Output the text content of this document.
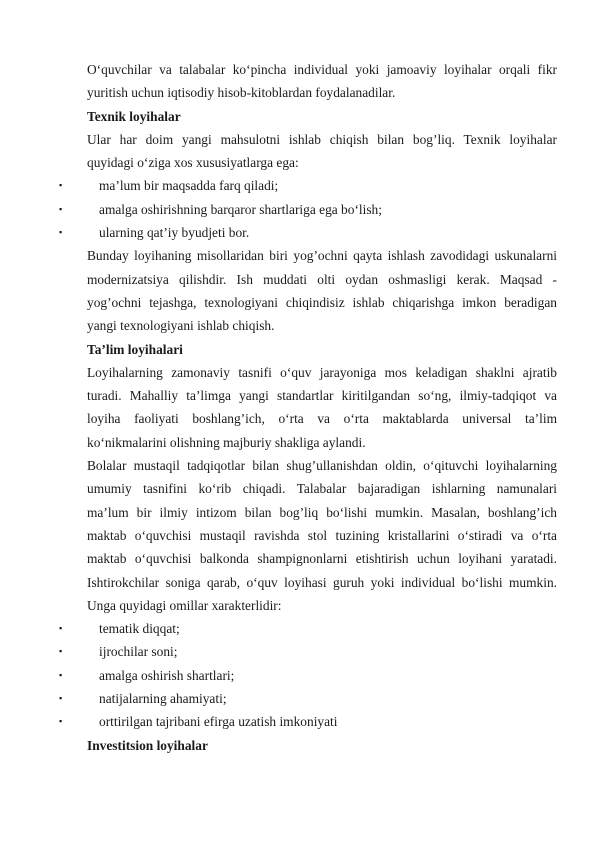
O‘quvchilar va talabalar ko‘pincha individual yoki jamoaviy loyihalar orqali fikr
yuritish uchun iqtisodiy hisob-kitoblardan foydalanadilar.
Texnik loyihalar
Ular har doim yangi mahsulotni ishlab chiqish bilan bog’liq. Texnik loyihalar
quyidagi o‘ziga xos xususiyatlarga ega:
▪	ma’lum bir maqsadda farq qiladi;
▪	amalga oshirishning barqaror shartlariga ega bo‘lish;
▪	ularning qat’iy byudjeti bor.
Bunday loyihaning misollaridan biri yog’ochni qayta ishlash zavodidagi uskunalarni
modernizatsiya qilishdir. Ish muddati olti oydan oshmasligi kerak. Maqsad -
yog’ochni tejashga, texnologiyani chiqindisiz ishlab chiqarishga imkon beradigan
yangi texnologiyani ishlab chiqish.
Ta’lim loyihalari
Loyihalarning zamonaviy tasnifi o‘quv jarayoniga mos keladigan shaklni ajratib
turadi. Mahalliy ta’limga yangi standartlar kiritilgandan so‘ng, ilmiy-tadqiqot va
loyiha faoliyati boshlang’ich, o‘rta va o‘rta maktablarda universal ta’lim
ko‘nikmalarini olishning majburiy shakliga aylandi.
Bolalar mustaqil tadqiqotlar bilan shug’ullanishdan oldin, o‘qituvchi loyihalarning
umumiy tasnifini ko‘rib chiqadi. Talabalar bajaradigan ishlarning namunalari
ma’lum bir ilmiy intizom bilan bog’liq bo‘lishi mumkin. Masalan, boshlang’ich
maktab o‘quvchisi mustaqil ravishda stol tuzining kristallarini o‘stiradi va o‘rta
maktab o‘quvchisi balkonda shampignonlarni etishtirish uchun loyihani yaratadi.
Ishtirokchilar soniga qarab, o‘quv loyihasi guruh yoki individual bo‘lishi mumkin.
Unga quyidagi omillar xarakterlidir:
▪	tematik diqqat;
▪	ijrochilar soni;
▪	amalga oshirish shartlari;
▪	natijalarning ahamiyati;
▪	orttirilgan tajribani efirga uzatish imkoniyati
Investitsion loyihalar
